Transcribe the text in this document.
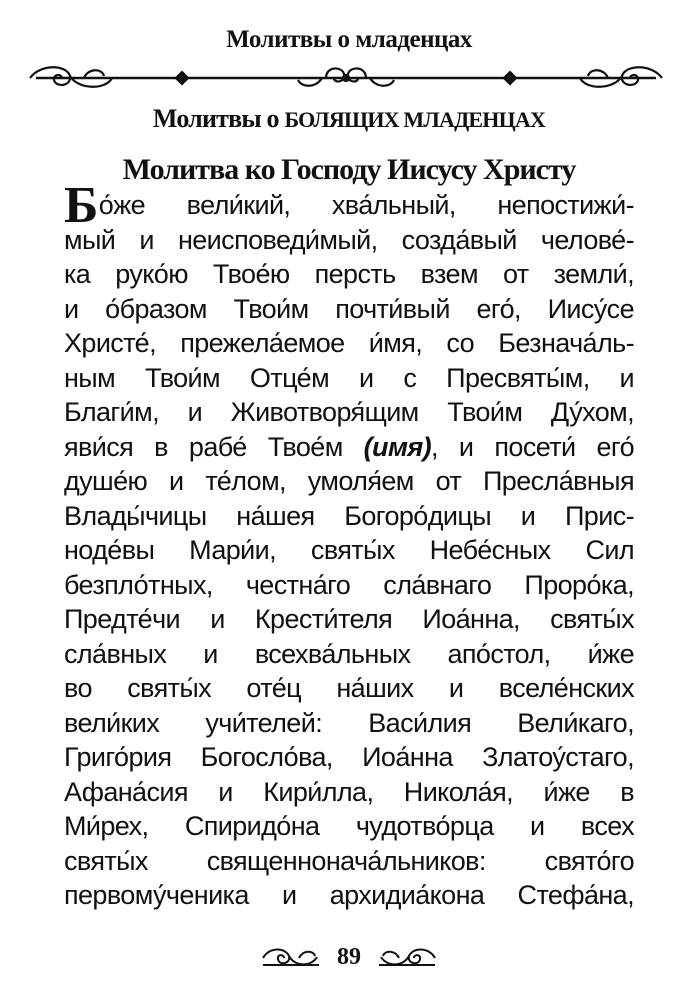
Молитвы о младенцах
Молитвы о БОЛЯЩИХ МЛАДЕНЦАХ
Молитва ко Господу Иисусу Христу
Бо́же вели́кий, хва́льный, непостижи́-
мый и неисповеди́мый, созда́вый челове́-
ка руко́ю Твое́ю персть взем от земли́,
и о́бразом Твои́м почти́вый его́, Иису́се
Христе́, прежела́емое и́мя, со Безнача́ль-
ным Твои́м Отце́м и с Пресвяты́м, и
Благи́м, и Животворя́щим Твои́м Ду́хом,
яви́ся в рабе́ Твое́м (имя), и посети́ его́
душе́ю и те́лом, умоля́ем от Пресла́вныя
Влады́чицы на́шея Богоро́дицы и Прис-
ноде́вы Мари́и, святы́х Небе́сных Сил
безпло́тных, честна́го сла́внаго Проро́ка,
Предте́чи и Крести́теля Иоа́нна, святы́х
сла́вных и всехва́льных апо́стол, и́же
во святы́х оте́ц на́ших и вселе́нских
вели́ких учи́телей: Васи́лия Вели́каго,
Григо́рия Богосло́ва, Иоа́нна Златоу́стаго,
Афана́сия и Кири́лла, Никола́я, и́же в
Ми́рех, Спиридо́на чудотво́рца и всех
святы́х священнонача́льников: свято́го
первому́ченика и архидиа́кона Стефа́на,
89
